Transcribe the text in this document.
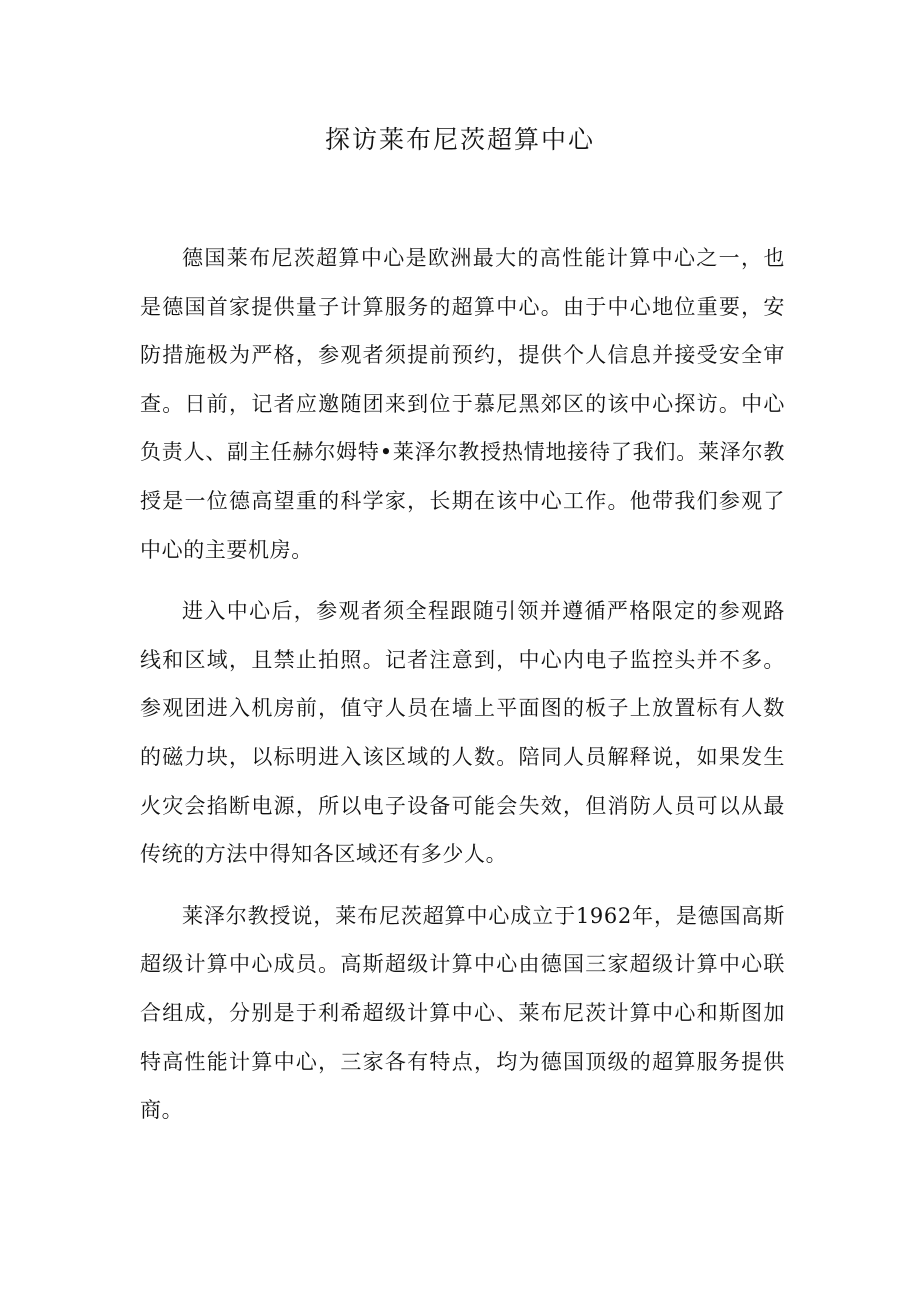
探访莱布尼茨超算中心

德国莱布尼茨超算中心是欧洲最大的高性能计算中心之一，也是德国首家提供量子计算服务的超算中心。由于中心地位重要，安防措施极为严格，参观者须提前预约，提供个人信息并接受安全审查。日前，记者应邀随团来到位于慕尼黑郊区的该中心探访。中心负责人、副主任赫尔姆特•莱泽尔教授热情地接待了我们。莱泽尔教授是一位德高望重的科学家，长期在该中心工作。他带我们参观了中心的主要机房。

进入中心后，参观者须全程跟随引领并遵循严格限定的参观路线和区域，且禁止拍照。记者注意到，中心内电子监控头并不多。参观团进入机房前，值守人员在墙上平面图的板子上放置标有人数的磁力块，以标明进入该区域的人数。陪同人员解释说，如果发生火灾会掐断电源，所以电子设备可能会失效，但消防人员可以从最传统的方法中得知各区域还有多少人。

莱泽尔教授说，莱布尼茨超算中心成立于1962年，是德国高斯超级计算中心成员。高斯超级计算中心由德国三家超级计算中心联合组成，分别是于利希超级计算中心、莱布尼茨计算中心和斯图加特高性能计算中心，三家各有特点，均为德国顶级的超算服务提供商。
